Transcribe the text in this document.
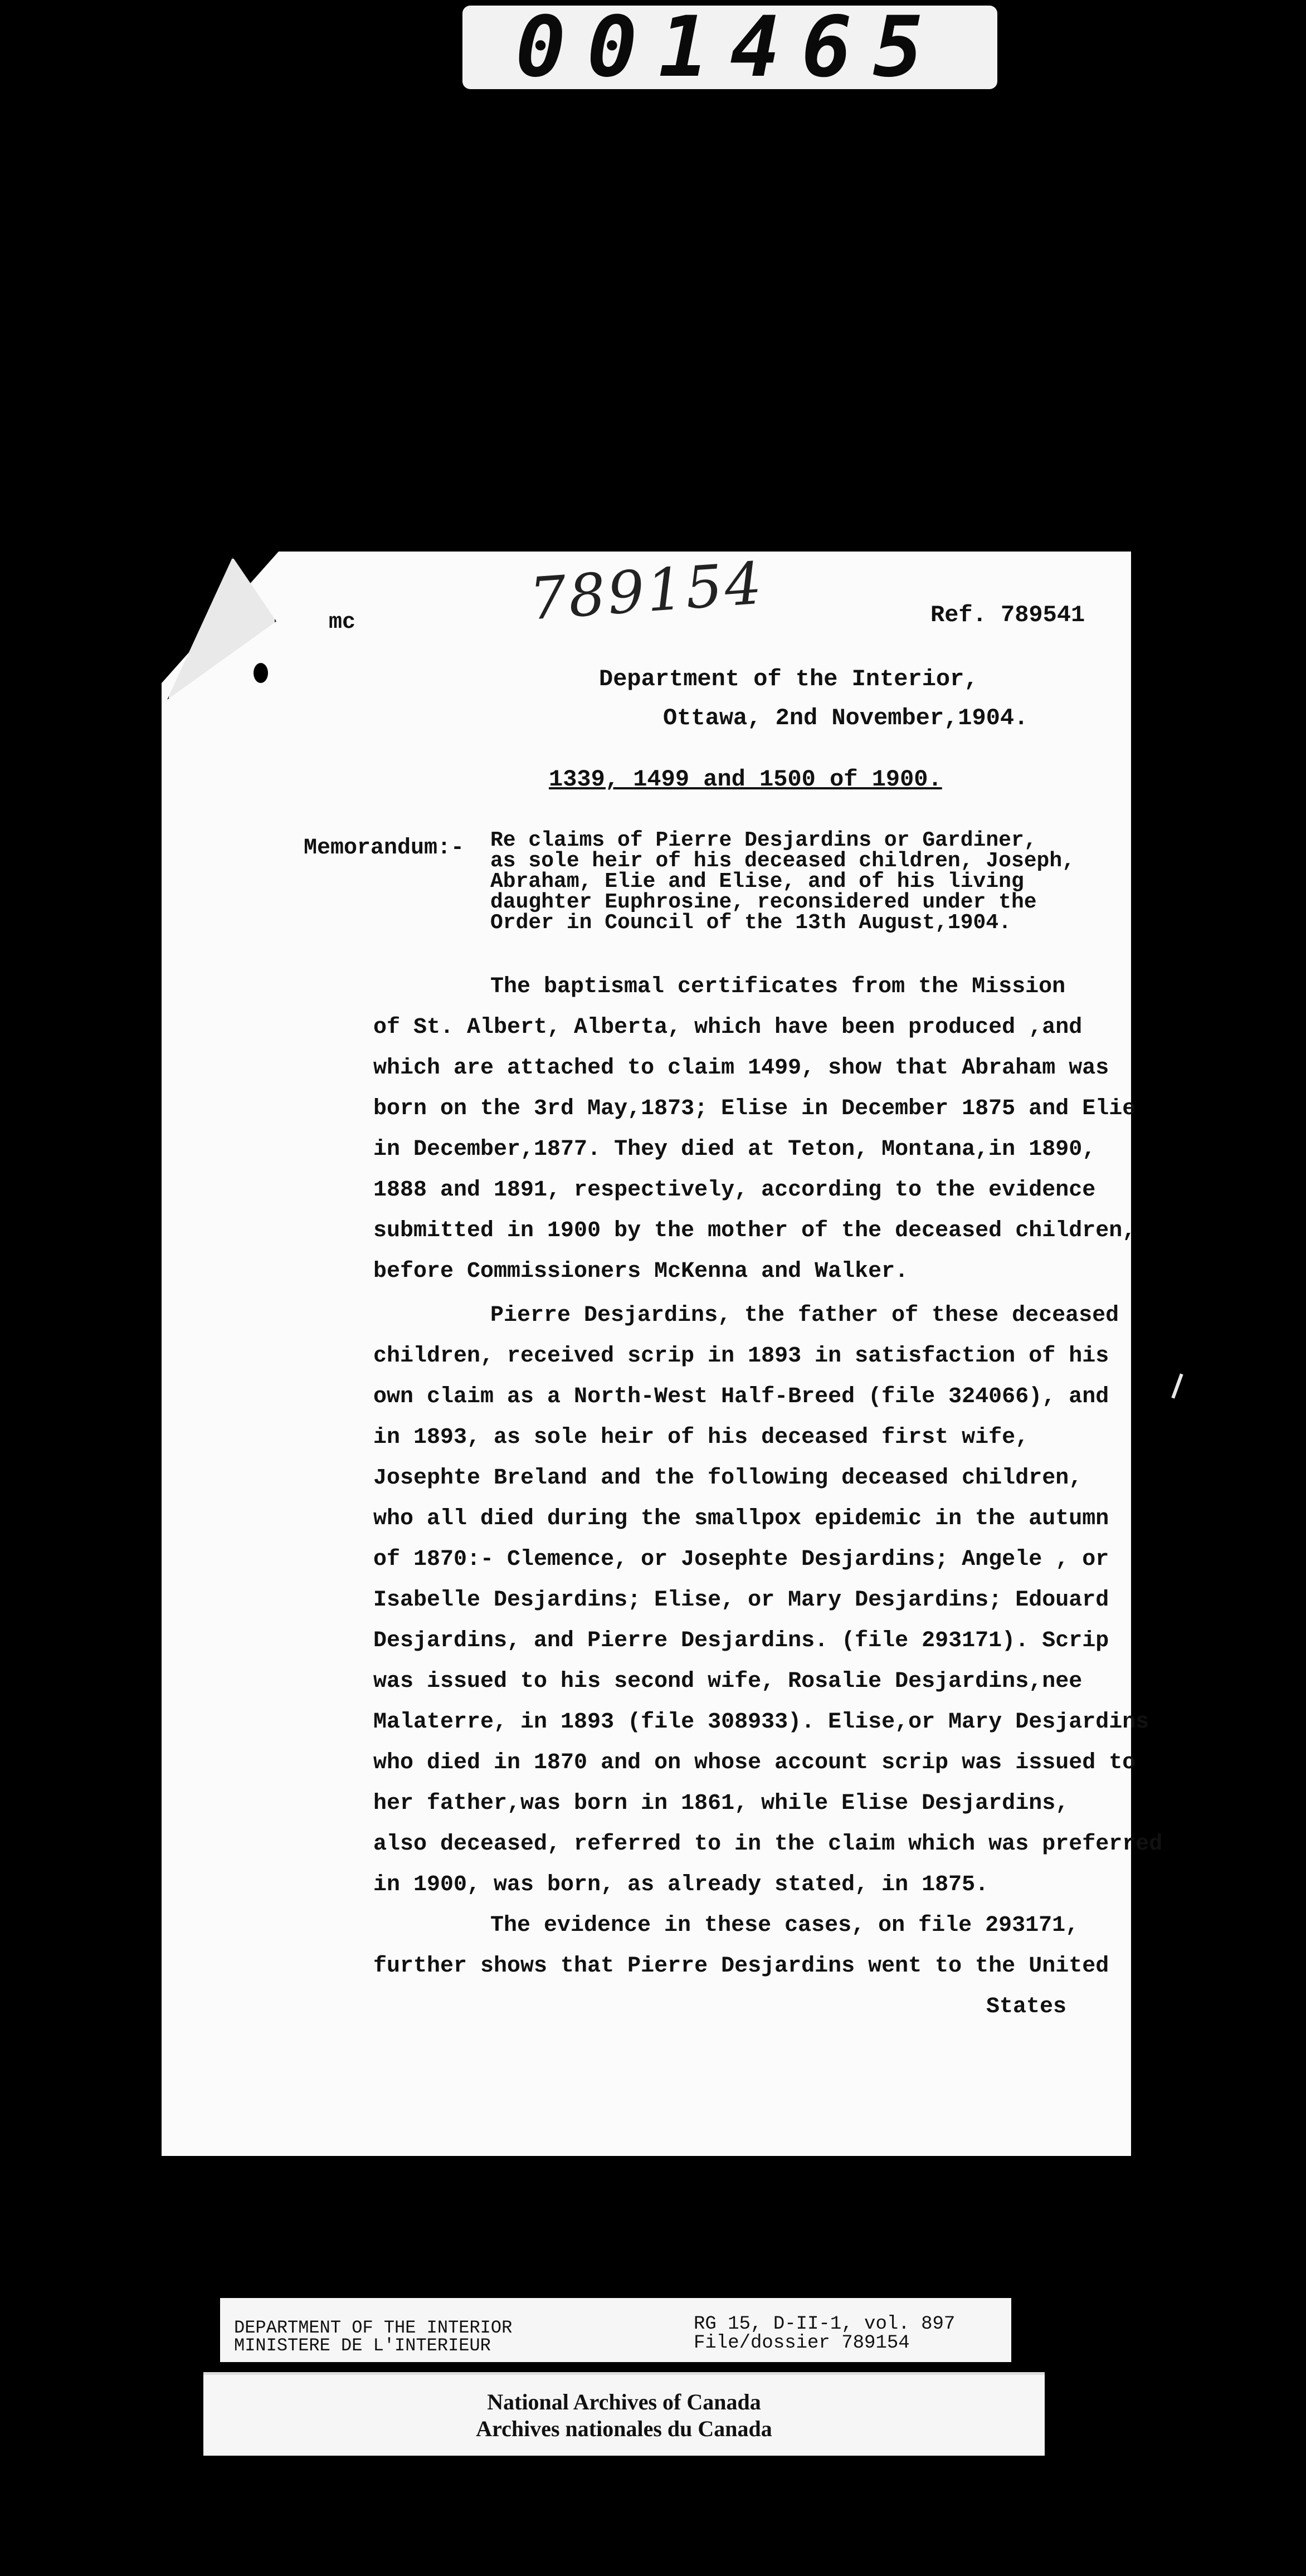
001465
789154
mc	Ref. 789541
Department of the Interior,
Ottawa, 2nd November,1904.
1339, 1499 and 1500 of 1900.
Memorandum:- Re claims of Pierre Desjardins or Gardiner,
as sole heir of his deceased children, Joseph,
Abraham, Elie and Elise, and of his living
daughter Euphrosine, reconsidered under the
Order in Council of the 13th August,1904.
The baptismal certificates from the Mission
of St. Albert, Alberta, which have been produced ,and
which are attached to claim 1499, show that Abraham was
born on the 3rd May,1873; Elise in December 1875 and Elie
in December,1877. They died at Teton, Montana,in 1890,
1888 and 1891, respectively, according to the evidence
submitted in 1900 by the mother of the deceased children,
before Commissioners McKenna and Walker.
Pierre Desjardins, the father of these deceased
children, received scrip in 1893 in satisfaction of his
own claim as a North-West Half-Breed (file 324066), and
in 1893, as sole heir of his deceased first wife,
Josephte Breland and the following deceased children,
who all died during the smallpox epidemic in the autumn
of 1870:- Clemence, or Josephte Desjardins; Angele , or
Isabelle Desjardins; Elise, or Mary Desjardins; Edouard
Desjardins, and Pierre Desjardins. (file 293171). Scrip
was issued to his second wife, Rosalie Desjardins,nee
Malaterre, in 1893 (file 308933). Elise,or Mary Desjardins
who died in 1870 and on whose account scrip was issued to
her father,was born in 1861, while Elise Desjardins,
also deceased, referred to in the claim which was preferred
in 1900, was born, as already stated, in 1875.
The evidence in these cases, on file 293171,
further shows that Pierre Desjardins went to the United
States
DEPARTMENT OF THE INTERIOR
MINISTERE DE L'INTERIEUR
RG 15, D-II-1, vol. 897
File/dossier 789154
National Archives of Canada
Archives nationales du Canada
